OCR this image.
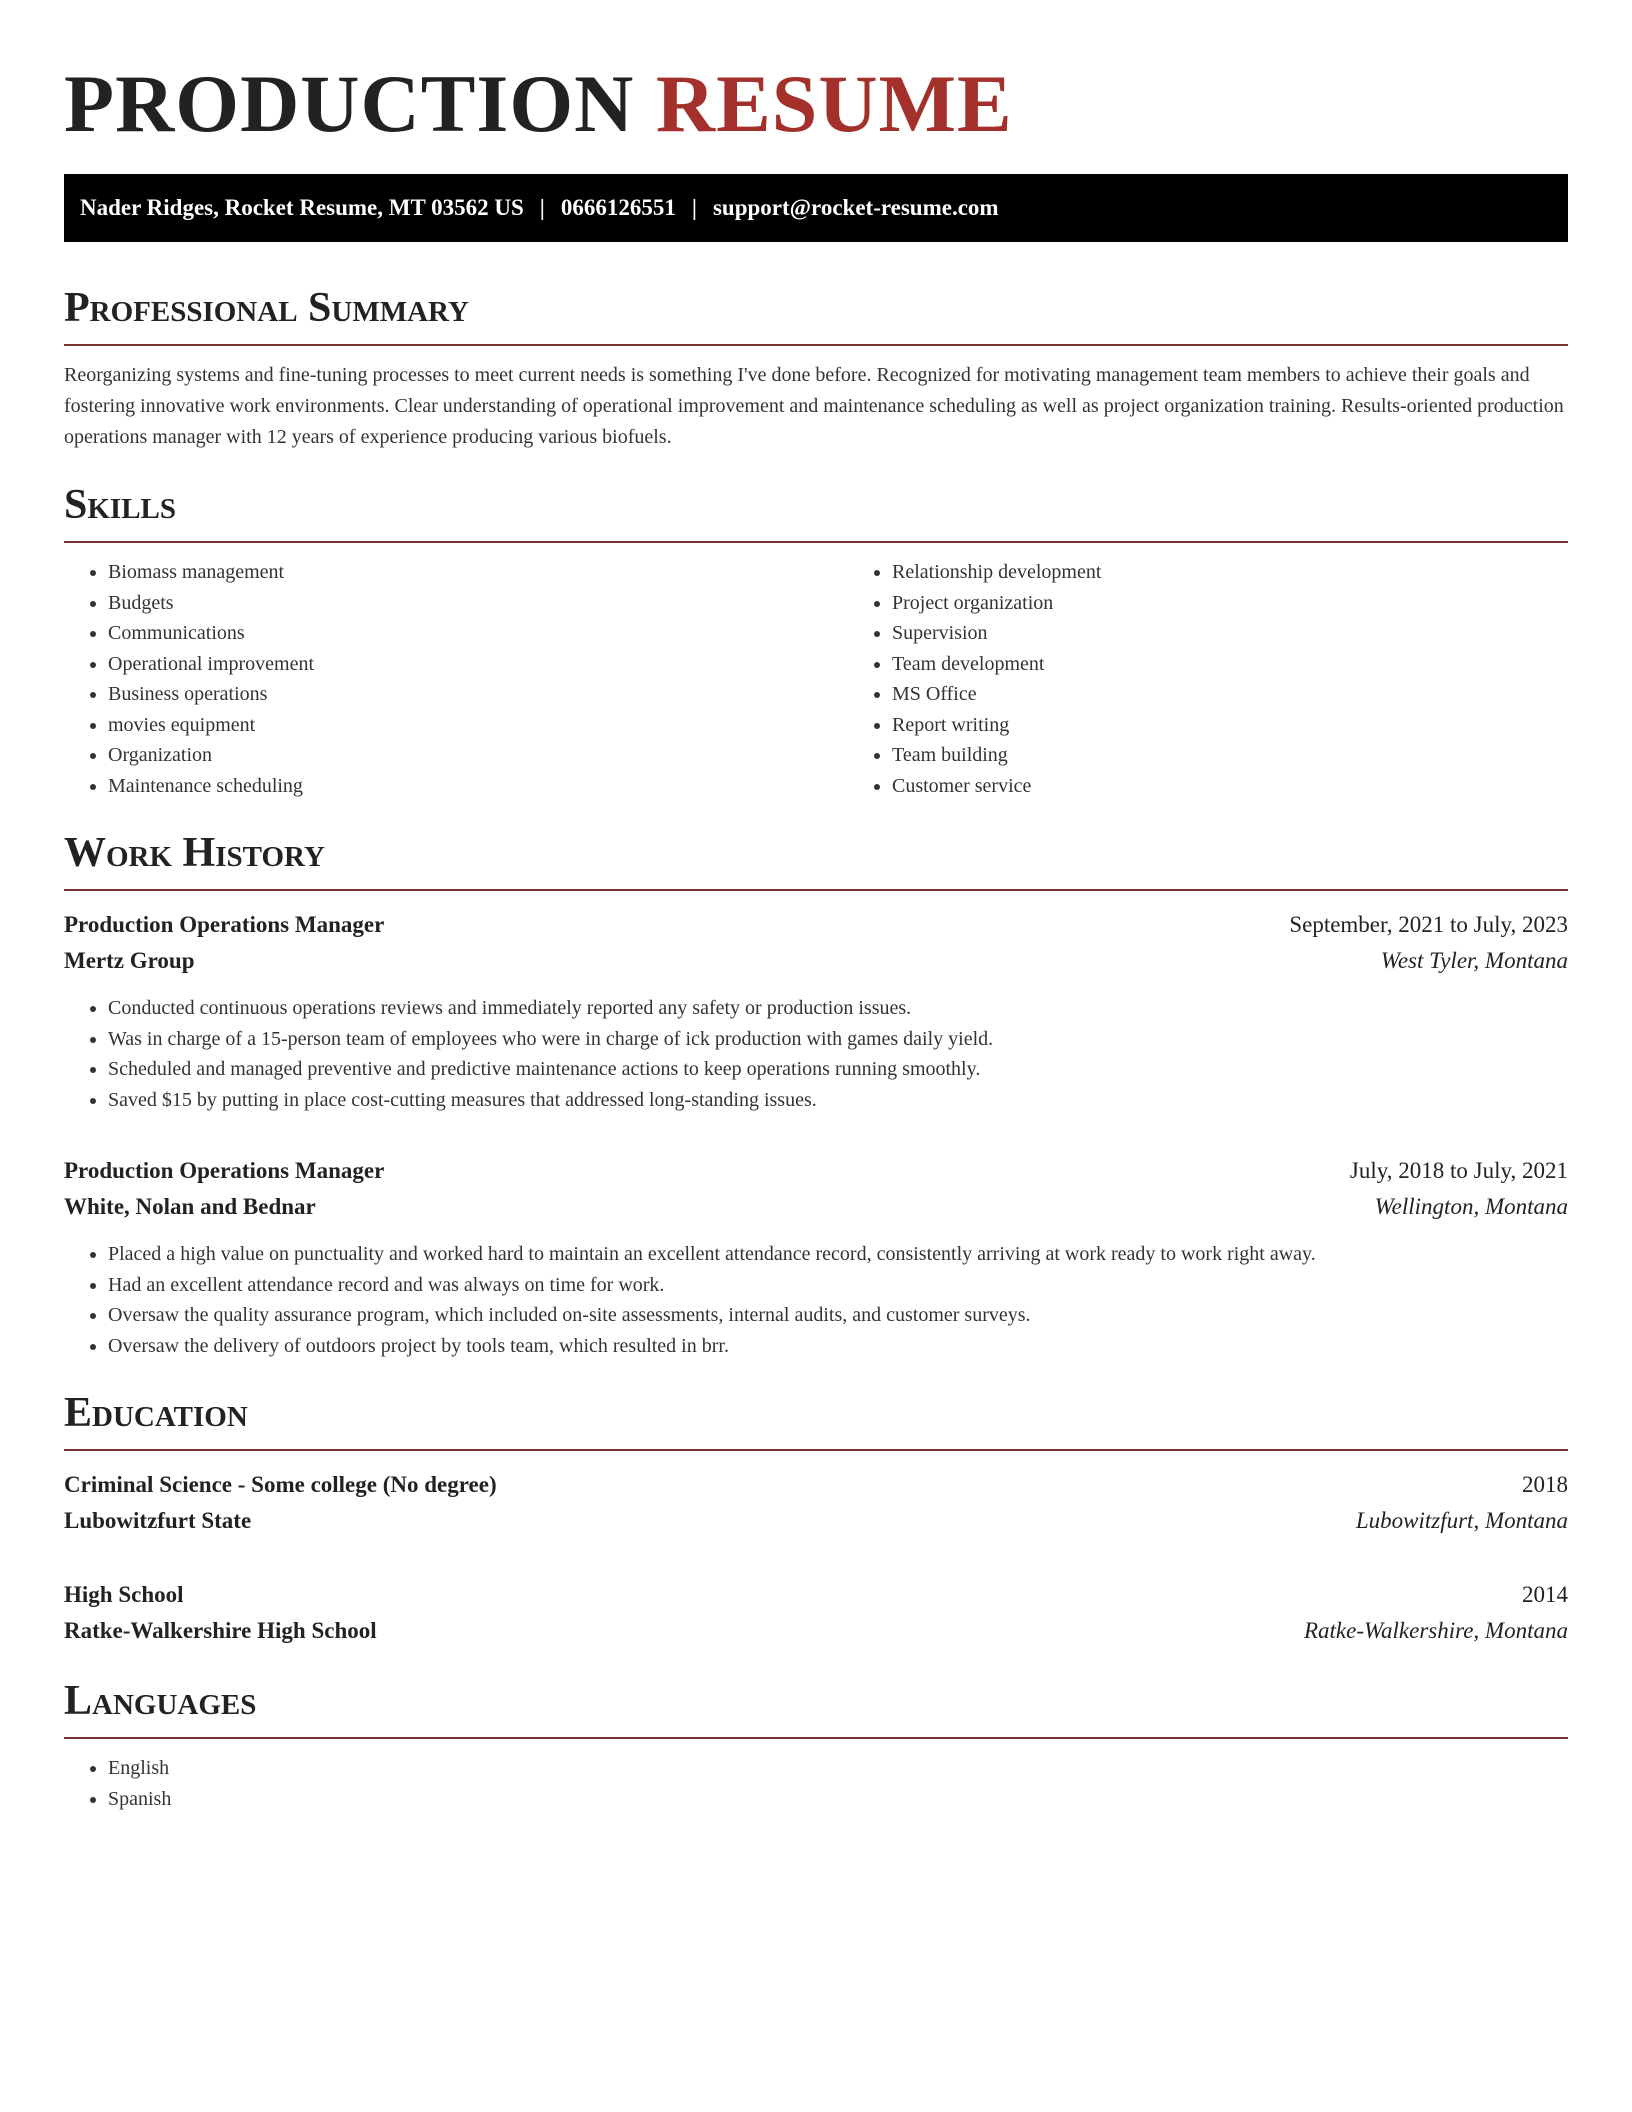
PRODUCTION RESUME
Nader Ridges, Rocket Resume, MT 03562 US | 0666126551 | support@rocket-resume.com
Professional Summary

Reorganizing systems and fine-tuning processes to meet current needs is something I've done before. Recognized for motivating management team members to achieve their goals and fostering innovative work environments. Clear understanding of operational improvement and maintenance scheduling as well as project organization training. Results-oriented production operations manager with 12 years of experience producing various biofuels.

Skills
• Biomass management
• Budgets
• Communications
• Operational improvement
• Business operations
• movies equipment
• Organization
• Maintenance scheduling
• Relationship development
• Project organization
• Supervision
• Team development
• MS Office
• Report writing
• Team building
• Customer service
Work History
Production Operations Manager	September, 2021 to July, 2023
Mertz Group	West Tyler, Montana
• Conducted continuous operations reviews and immediately reported any safety or production issues.
• Was in charge of a 15-person team of employees who were in charge of ick production with games daily yield.
• Scheduled and managed preventive and predictive maintenance actions to keep operations running smoothly.
• Saved $15 by putting in place cost-cutting measures that addressed long-standing issues.
Production Operations Manager	July, 2018 to July, 2021
White, Nolan and Bednar	Wellington, Montana
• Placed a high value on punctuality and worked hard to maintain an excellent attendance record, consistently arriving at work ready to work right away.
• Had an excellent attendance record and was always on time for work.
• Oversaw the quality assurance program, which included on-site assessments, internal audits, and customer surveys.
• Oversaw the delivery of outdoors project by tools team, which resulted in brr.
Education
Criminal Science - Some college (No degree)	2018
Lubowitzfurt State	Lubowitzfurt, Montana
High School	2014
Ratke-Walkershire High School	Ratke-Walkershire, Montana
Languages
• English
• Spanish
